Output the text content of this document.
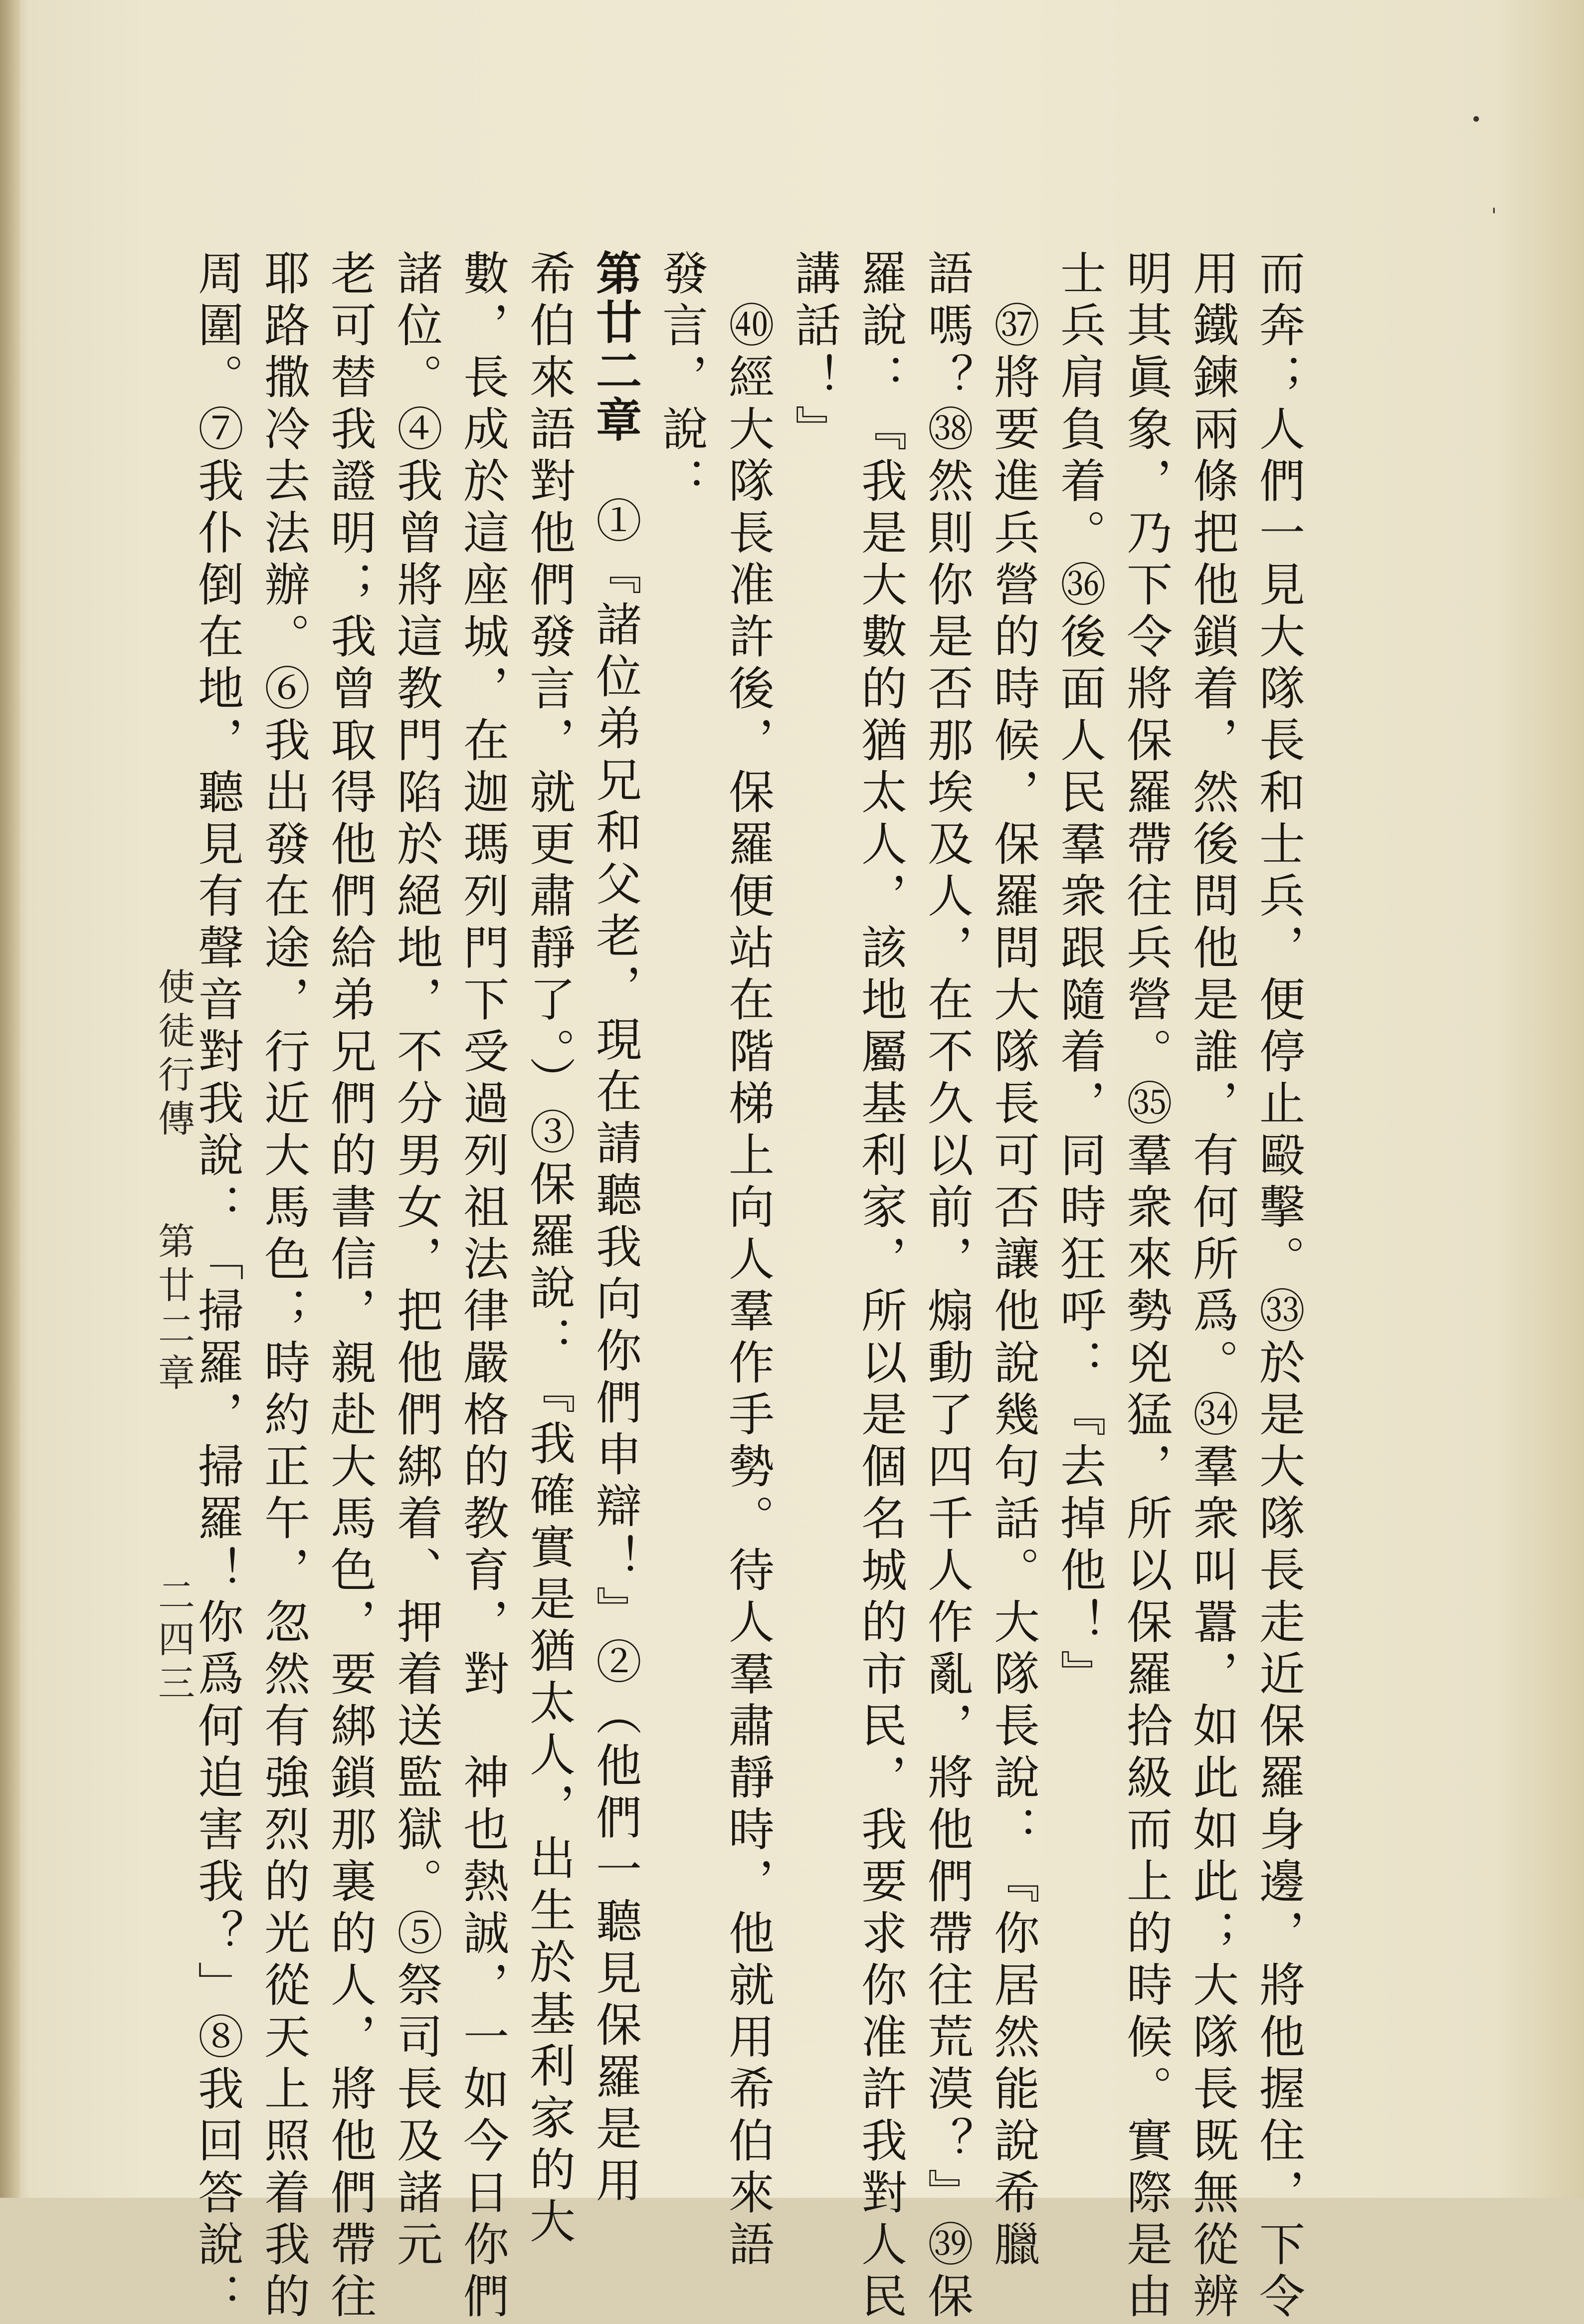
而奔；人們一見大隊長和士兵，便停止毆擊。㉝於是大隊長走近保羅身邊，將他握住，下令
用鐵鍊兩條把他鎖着，然後問他是誰，有何所爲。㉞羣衆叫囂，如此如此；大隊長既無從辨
明其眞象，乃下令將保羅帶往兵營。㉟羣衆來勢兇猛，所以保羅拾級而上的時候。實際是由
士兵肩負着。㊱後面人民羣衆跟隨着，同時狂呼：『去掉他！』
　㊲將要進兵營的時候，保羅問大隊長可否讓他說幾句話。大隊長說：『你居然能說希臘
語嗎？㊳然則你是否那埃及人，在不久以前，煽動了四千人作亂，將他們帶往荒漠？』㊴保
羅說：『我是大數的猶太人，該地屬基利家，所以是個名城的市民，我要求你准許我對人民
講話！』
　㊵經大隊長准許後，保羅便站在階梯上向人羣作手勢。待人羣肅靜時，他就用希伯來語
發言，說：
第廿二章　①『諸位弟兄和父老，現在請聽我向你們申辯！』②（他們一聽見保羅是用
希伯來語對他們發言，就更肅靜了。）③保羅說：『我確實是猶太人，出生於基利家的大
數，長成於這座城，在迦瑪列門下受過列祖法律嚴格的教育，對　神也熱誠，一如今日你們
諸位。④我曾將這教門陷於絕地，不分男女，把他們綁着、押着送監獄。⑤祭司長及諸元
老可替我證明；我曾取得他們給弟兄們的書信，親赴大馬色，要綁鎖那裏的人，將他們帶往
耶路撒冷去法辦。⑥我出發在途，行近大馬色；時約正午，忽然有強烈的光從天上照着我的
周圍。⑦我仆倒在地，聽見有聲音對我說：「掃羅，掃羅！你爲何迫害我？」⑧我回答說：
使徒行傳
第廿二章
二四三
∙
'
